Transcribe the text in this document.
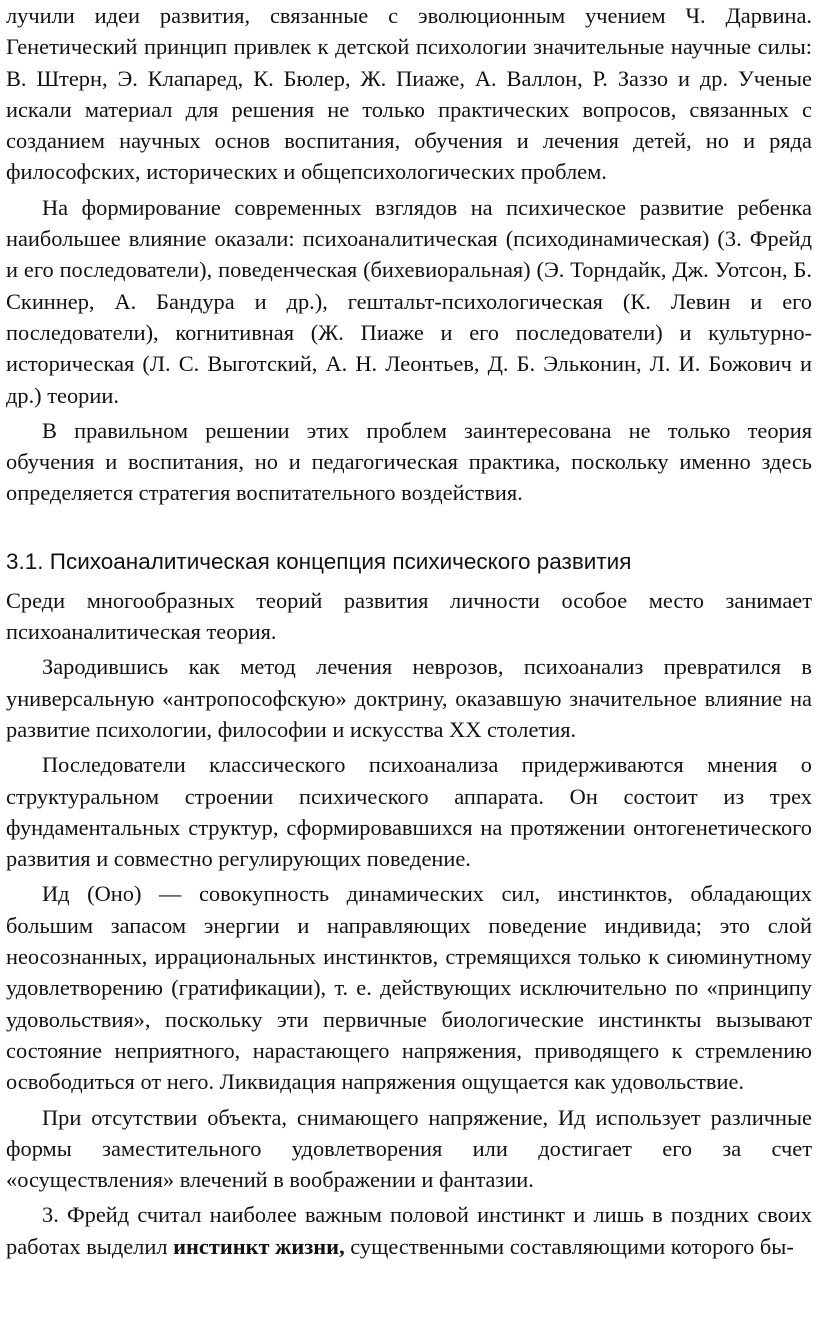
лучили идеи развития, связанные с эволюционным учением Ч. Дарвина. Генетический принцип привлек к детской психологии значительные научные силы: В. Штерн, Э. Клапаред, К. Бюлер, Ж. Пиаже, А. Валлон, Р. Заззо и др. Ученые искали материал для решения не только практических вопросов, связанных с созданием научных основ воспитания, обучения и лечения детей, но и ряда философских, исторических и общепсихологических проблем.

На формирование современных взглядов на психическое развитие ребенка наибольшее влияние оказали: психоаналитическая (психодинамическая) (3. Фрейд и его последователи), поведенческая (бихевиоральная) (Э. Торндайк, Дж. Уотсон, Б. Скиннер, А. Бандура и др.), гештальт-психологическая (К. Левин и его последователи), когнитивная (Ж. Пиаже и его последователи) и культурно-историческая (Л. С. Выготский, А. Н. Леонтьев, Д. Б. Эльконин, Л. И. Божович и др.) теории.

В правильном решении этих проблем заинтересована не только теория обучения и воспитания, но и педагогическая практика, поскольку именно здесь определяется стратегия воспитательного воздействия.

3.1. Психоаналитическая концепция психического развития

Среди многообразных теорий развития личности особое место занимает психоаналитическая теория.

Зародившись как метод лечения неврозов, психоанализ превратился в универсальную «антропософскую» доктрину, оказавшую значительное влияние на развитие психологии, философии и искусства XX столетия.

Последователи классического психоанализа придерживаются мнения о структуральном строении психического аппарата. Он состоит из трех фундаментальных структур, сформировавшихся на протяжении онтогенетического развития и совместно регулирующих поведение.

Ид (Оно) — совокупность динамических сил, инстинктов, обладающих большим запасом энергии и направляющих поведение индивида; это слой неосознанных, иррациональных инстинктов, стремящихся только к сиюминутному удовлетворению (гратификации), т. е. действующих исключительно по «принципу удовольствия», поскольку эти первичные биологические инстинкты вызывают состояние неприятного, нарастающего напряжения, приводящего к стремлению освободиться от него. Ликвидация напряжения ощущается как удовольствие.

При отсутствии объекта, снимающего напряжение, Ид использует различные формы заместительного удовлетворения или достигает его за счет «осуществления» влечений в воображении и фантазии.

3. Фрейд считал наиболее важным половой инстинкт и лишь в поздних своих работах выделил инстинкт жизни, существенными составляющими которого бы-
